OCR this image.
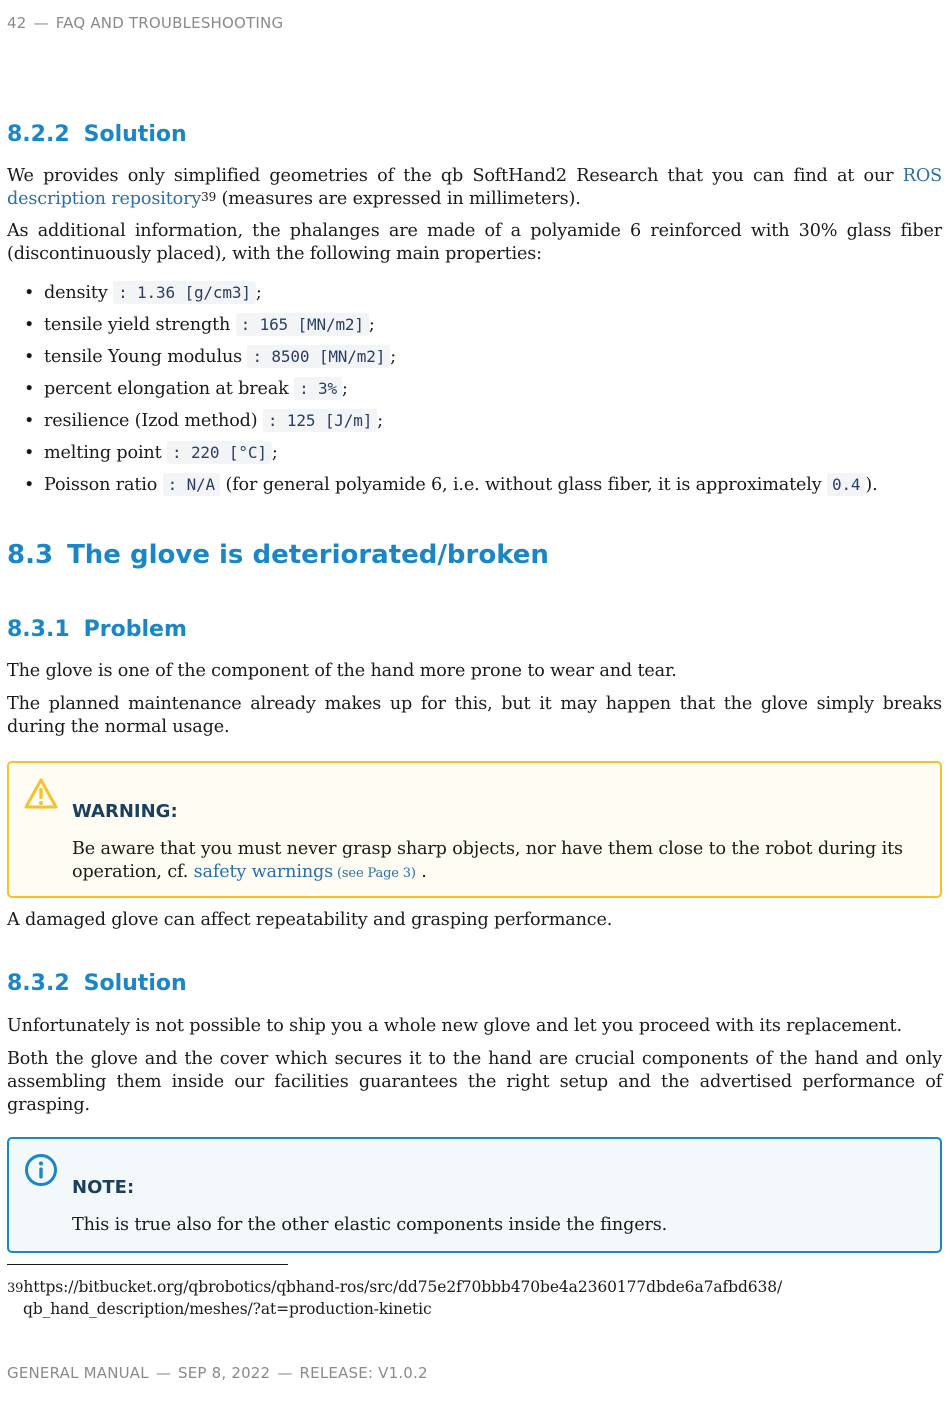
42 — FAQ AND TROUBLESHOOTING
8.2.2 Solution

We provides only simplified geometries of the qb SoftHand2 Research that you can find at our ROS description repository$^{39}$ (measures are expressed in millimeters).

As additional information, the phalanges are made of a polyamide 6 reinforced with 30% glass fiber (discontinuously placed), with the following main properties:

• density : 1.36 [g/cm3] ;
• tensile yield strength : 165 [MN/m2] ;
• tensile Young modulus : 8500 [MN/m2] ;
• percent elongation at break : 3% ;
• resilience (Izod method) : 125 [J/m] ;
• melting point : 220 [°C] ;
• Poisson ratio : N/A (for general polyamide 6, i.e. without glass fiber, it is approximately 0.4 ).
8.3 The glove is deteriorated/broken
8.3.1 Problem

The glove is one of the component of the hand more prone to wear and tear.

The planned maintenance already makes up for this, but it may happen that the glove simply breaks during the normal usage.

WARNING:

Be aware that you must never grasp sharp objects, nor have them close to the robot during its operation, cf. safety warnings (see Page 3) .

A damaged glove can affect repeatability and grasping performance.

8.3.2 Solution

Unfortunately is not possible to ship you a whole new glove and let you proceed with its replacement.

Both the glove and the cover which secures it to the hand are crucial components of the hand and only assembling them inside our facilities guarantees the right setup and the advertised performance of grasping.

NOTE:

This is true also for the other elastic components inside the fingers.

39https://bitbucket.org/qbrobotics/qbhand-ros/src/dd75e2f70bbb470be4a2360177dbde6a7afbd638/
qb_hand_description/meshes/?at=production-kinetic
GENERAL MANUAL — SEP 8, 2022 — RELEASE: V1.0.2
